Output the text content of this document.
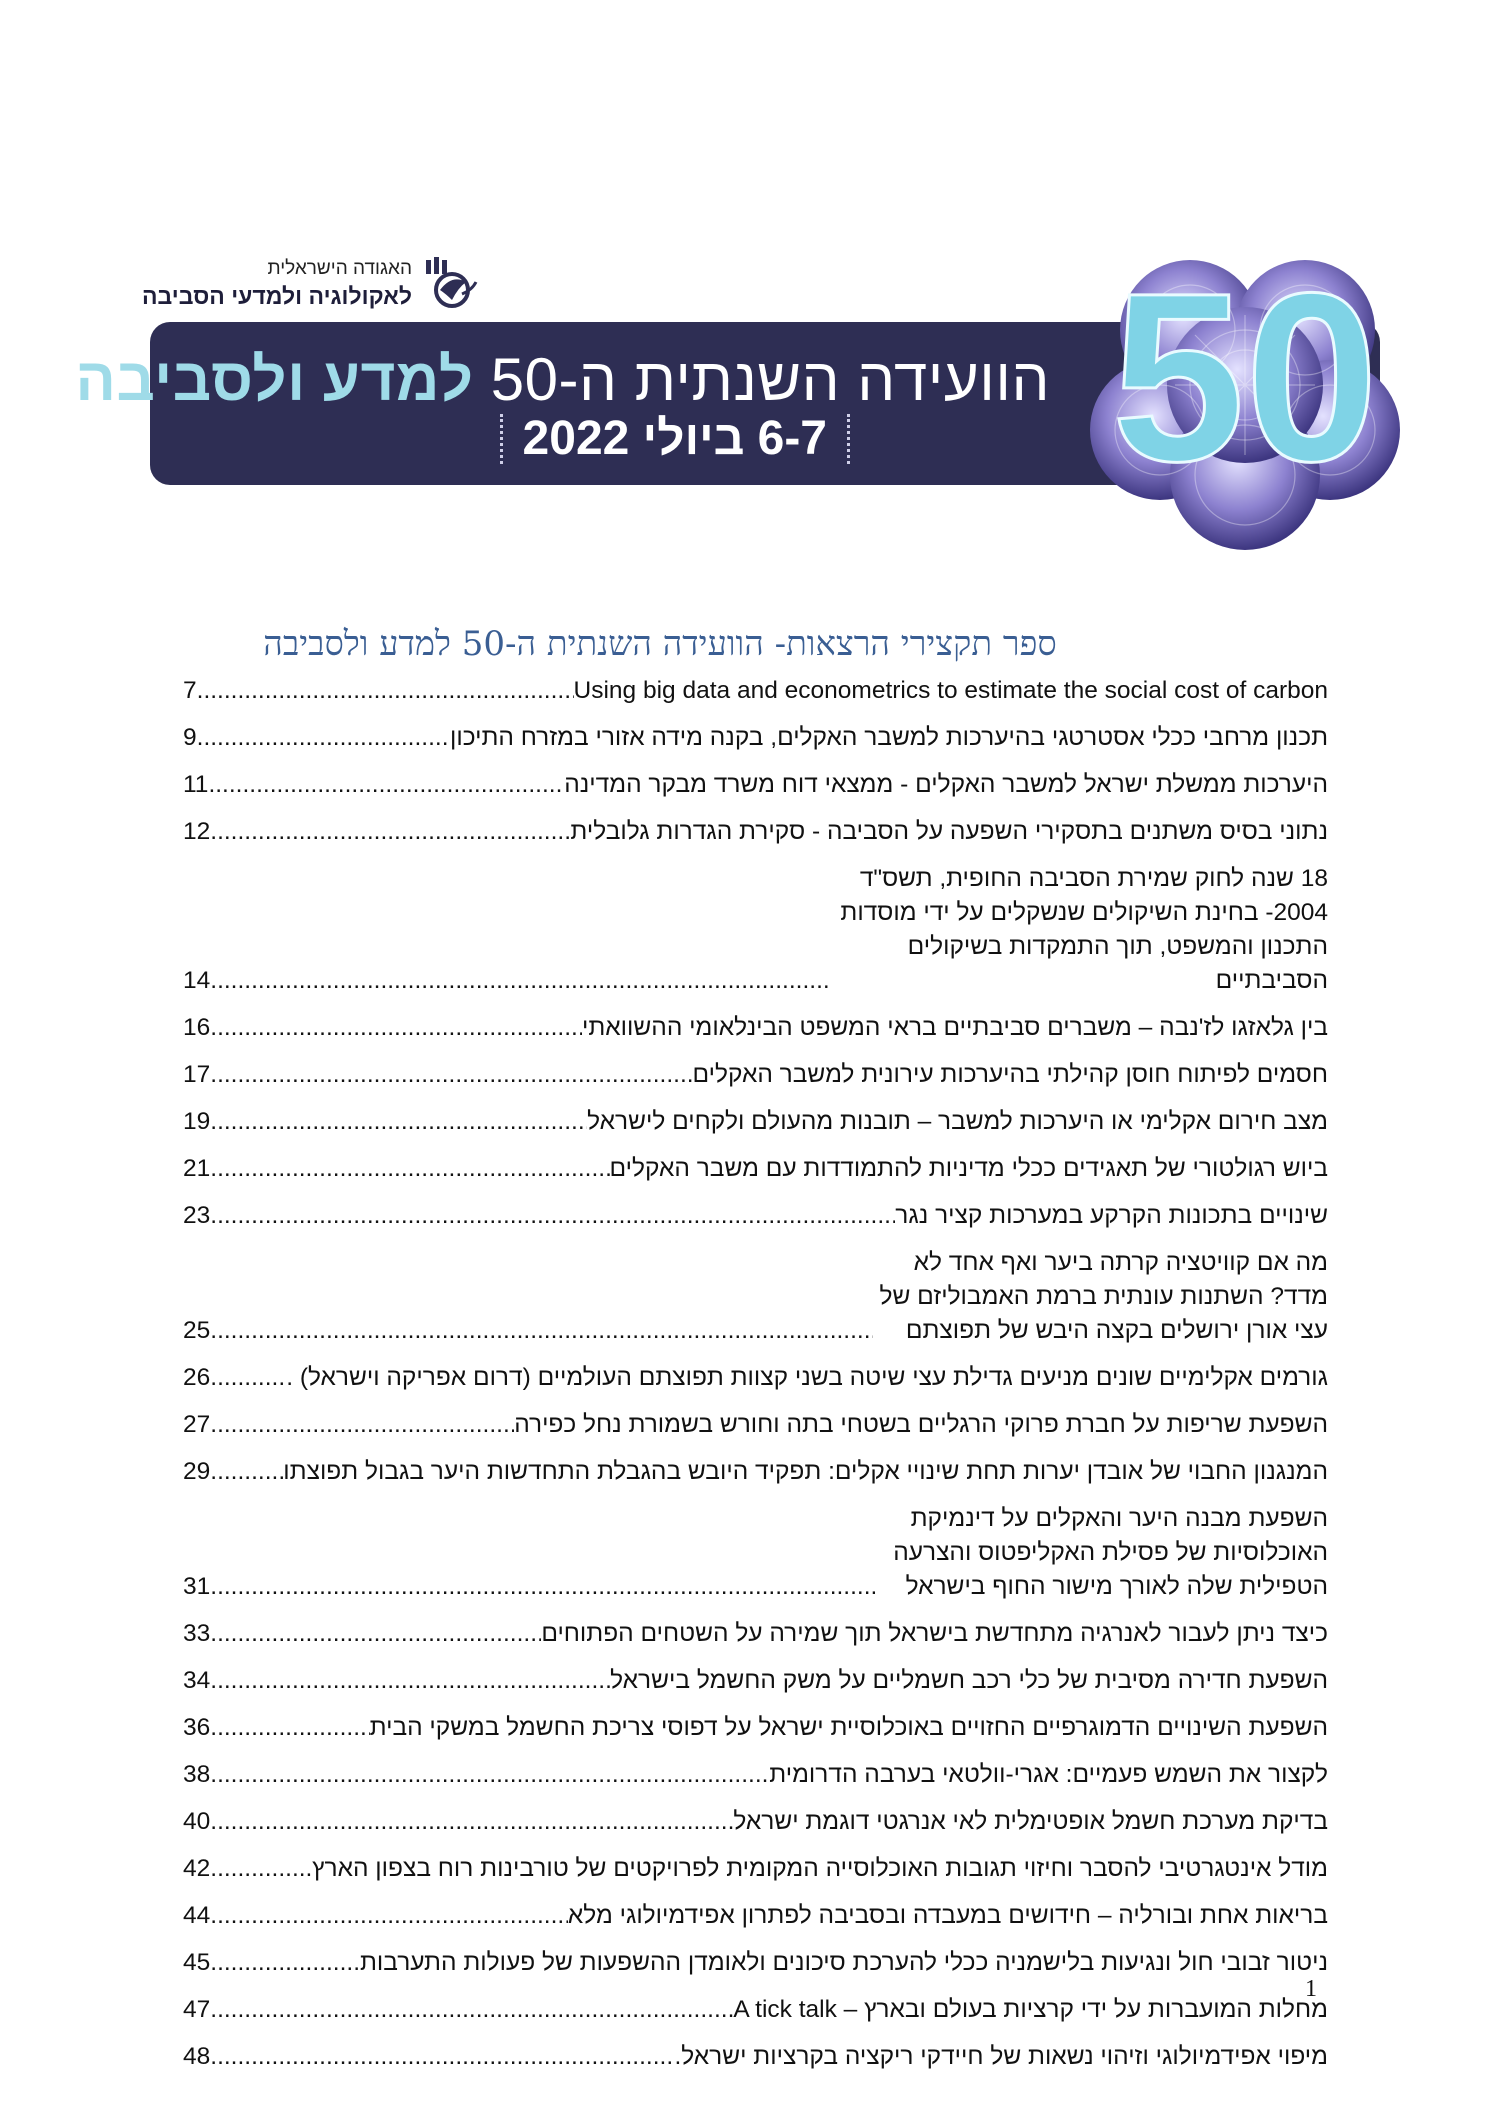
האגודה הישראלית
לאקולוגיה ולמדעי הסביבה
הוועידה השנתית ה-50 למדע ולסביבה
6-7 ביולי 2022 50
ספר תקצירי הרצאות- הוועידה השנתית ה-50 למדע ולסביבה
Using big data and econometrics to estimate the social cost of carbon
.....
7
תכנון מרחבי ככלי אסטרטגי בהיערכות למשבר האקלים, בקנה מידה אזורי במזרח התיכון
.....
9
היערכות ממשלת ישראל למשבר האקלים - ממצאי דוח משרד מבקר המדינה
.....
11
נתוני בסיס משתנים בתסקירי השפעה על הסביבה - סקירת הגדרות גלובלית
.....
12
18 שנה לחוק שמירת הסביבה החופית, תשס"ד 2004- בחינת השיקולים שנשקלים על ידי מוסדות התכנון והמשפט, תוך התמקדות בשיקולים הסביבתיים
.....
14
בין גלאזגו לז'נבה – משברים סביבתיים בראי המשפט הבינלאומי ההשוואתי
.....
16
חסמים לפיתוח חוסן קהילתי בהיערכות עירונית למשבר האקלים
.....
17
מצב חירום אקלימי או היערכות למשבר – תובנות מהעולם ולקחים לישראל
.....
19
ביוש רגולטורי של תאגידים ככלי מדיניות להתמודדות עם משבר האקלים
.....
21
שינויים בתכונות הקרקע במערכות קציר נגר
.....
23
מה אם קוויטציה קרתה ביער ואף אחד לא מדד? השתנות עונתית ברמת האמבוליזם של עצי אורן ירושלים בקצה היבש של תפוצתם
.....
25
גורמים אקלימיים שונים מניעים גדילת עצי שיטה בשני קצוות תפוצתם העולמיים (דרום אפריקה וישראל) .
.....
26
השפעת שריפות על חברת פרוקי הרגליים בשטחי בתה וחורש בשמורת נחל כפירה
.....
27
המנגנון החבוי של אובדן יערות תחת שינויי אקלים: תפקיד היובש בהגבלת התחדשות היער בגבול תפוצתו
.....
29
השפעת מבנה היער והאקלים על דינמיקת האוכלוסיות של פסילת האקליפטוס והצרעה הטפילית שלה לאורך מישור החוף בישראל
.....
31
כיצד ניתן לעבור לאנרגיה מתחדשת בישראל תוך שמירה על השטחים הפתוחים
.....
33
השפעת חדירה מסיבית של כלי רכב חשמליים על משק החשמל בישראל
.....
34
השפעת השינויים הדמוגרפיים החזויים באוכלוסיית ישראל על דפוסי צריכת החשמל במשקי הבית
.....
36
לקצור את השמש פעמיים: אגרי-וולטאי בערבה הדרומית
.....
38
בדיקת מערכת חשמל אופטימלית לאי אנרגטי דוגמת ישראל
.....
40
מודל אינטגרטיבי להסבר וחיזוי תגובות האוכלוסייה המקומית לפרויקטים של טורבינות רוח בצפון הארץ
.....
42
בריאות אחת ובורליה – חידושים במעבדה ובסביבה לפתרון אפידמיולוגי מלא
.....
44
ניטור זבובי חול ונגיעות בלישמניה ככלי להערכת סיכונים ולאומדן ההשפעות של פעולות התערבות
.....
45
A tick talk – מחלות המועברות על ידי קרציות בעולם ובארץ
.....
47
מיפוי אפידמיולוגי וזיהוי נשאות של חיידקי ריקציה בקרציות ישראל.
.....
48
1
